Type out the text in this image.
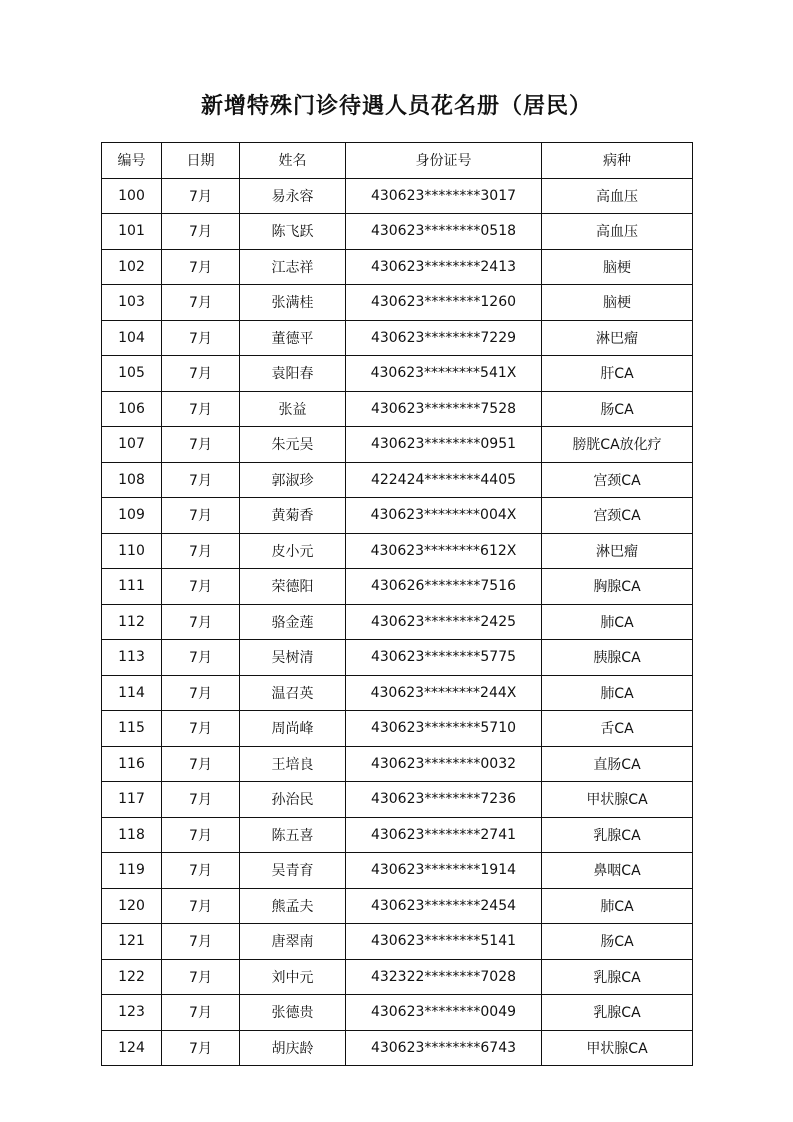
新增特殊门诊待遇人员花名册（居民）
编号	日期	姓名	身份证号	病种
100	7月	易永容	430623********3017	高血压
101	7月	陈飞跃	430623********0518	高血压
102	7月	江志祥	430623********2413	脑梗
103	7月	张满桂	430623********1260	脑梗
104	7月	董德平	430623********7229	淋巴瘤
105	7月	袁阳春	430623********541X	肝CA
106	7月	张益	430623********7528	肠CA
107	7月	朱元吴	430623********0951	膀胱CA放化疗
108	7月	郭淑珍	422424********4405	宫颈CA
109	7月	黄菊香	430623********004X	宫颈CA
110	7月	皮小元	430623********612X	淋巴瘤
111	7月	荣德阳	430626********7516	胸腺CA
112	7月	骆金莲	430623********2425	肺CA
113	7月	吴树清	430623********5775	胰腺CA
114	7月	温召英	430623********244X	肺CA
115	7月	周尚峰	430623********5710	舌CA
116	7月	王培良	430623********0032	直肠CA
117	7月	孙治民	430623********7236	甲状腺CA
118	7月	陈五喜	430623********2741	乳腺CA
119	7月	吴青育	430623********1914	鼻咽CA
120	7月	熊孟夫	430623********2454	肺CA
121	7月	唐翠南	430623********5141	肠CA
122	7月	刘中元	432322********7028	乳腺CA
123	7月	张德贵	430623********0049	乳腺CA
124	7月	胡庆龄	430623********6743	甲状腺CA
